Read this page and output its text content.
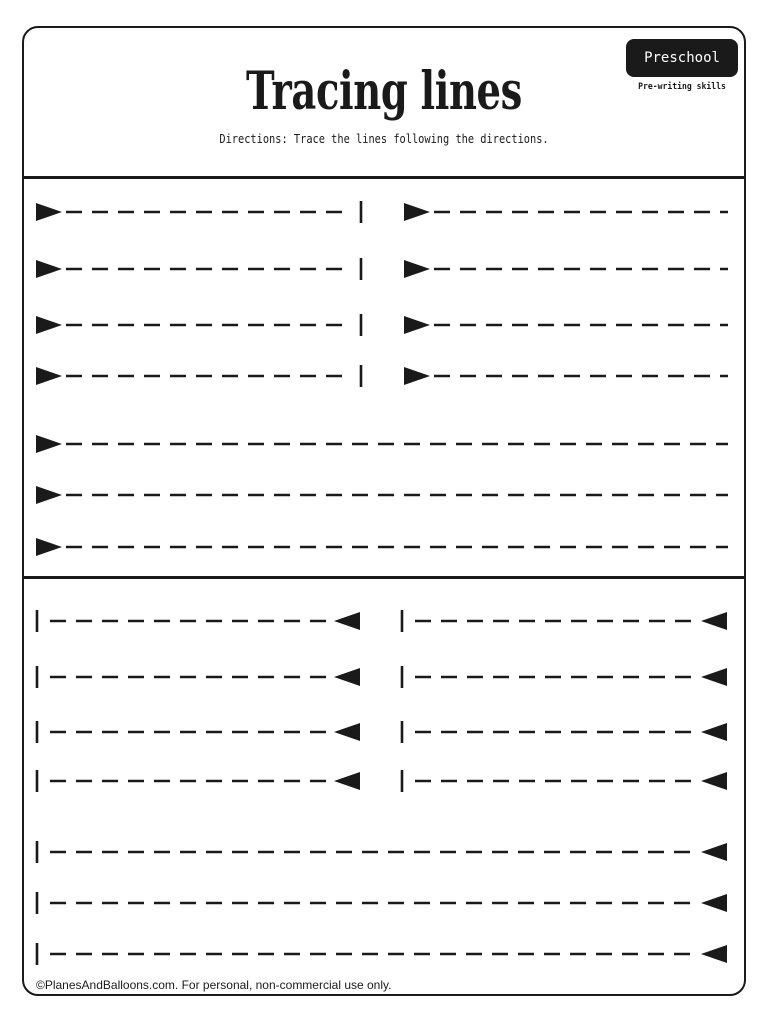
Tracing lines
Directions: Trace the lines following the directions.
Preschool
Pre-writing skills
©PlanesAndBalloons.com. For personal, non-commercial use only.
